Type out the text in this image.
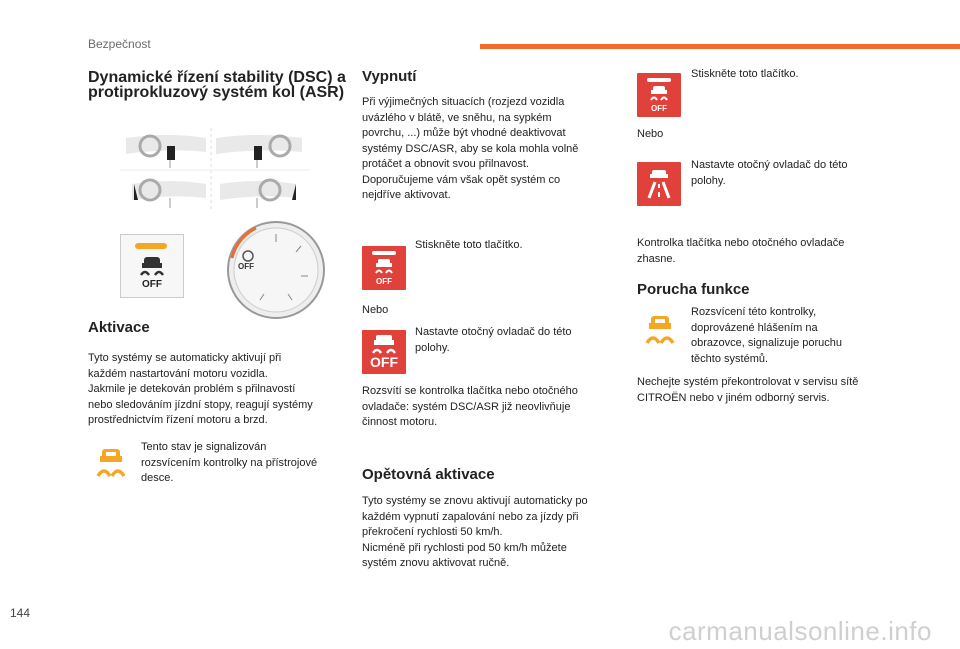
Bezpečnost
Dynamické řízení stability (DSC) a protiprokluzový systém kol (ASR)
OFF
OFF
Aktivace
Tyto systémy se automaticky aktivují při
každém nastartování motoru vozidla.
Jakmile je detekován problém s přilnavostí
nebo sledováním jízdní stopy, reagují systémy
prostřednictvím řízení motoru a brzd.
Tento stav je signalizován
rozsvícením kontrolky na přístrojové
desce.
Vypnutí
Při výjimečných situacích (rozjezd vozidla
uvázlého v blátě, ve sněhu, na sypkém
povrchu, ...) může být vhodné deaktivovat
systémy DSC/ASR, aby se kola mohla volně
protáčet a obnovit svou přilnavost.
Doporučujeme vám však opět systém co
nejdříve aktivovat.
OFF
Stiskněte toto tlačítko.
Nebo
OFF
Nastavte otočný ovladač do této
polohy.
Rozsvítí se kontrolka tlačítka nebo otočného
ovladače: systém DSC/ASR již neovlivňuje
činnost motoru.
Opětovná aktivace
Tyto systémy se znovu aktivují automaticky po
každém vypnutí zapalování nebo za jízdy při
překročení rychlosti 50 km/h.
Nicméně při rychlosti pod 50 km/h můžete
systém znovu aktivovat ručně.
OFF
Stiskněte toto tlačítko.
Nebo
Nastavte otočný ovladač do této
polohy.
Kontrolka tlačítka nebo otočného ovladače
zhasne.
Porucha funkce
Rozsvícení této kontrolky,
doprovázené hlášením na
obrazovce, signalizuje poruchu
těchto systémů.
Nechejte systém překontrolovat v servisu sítě
CITROËN nebo v jiném odborný servis.
144
carmanualsonline.info
